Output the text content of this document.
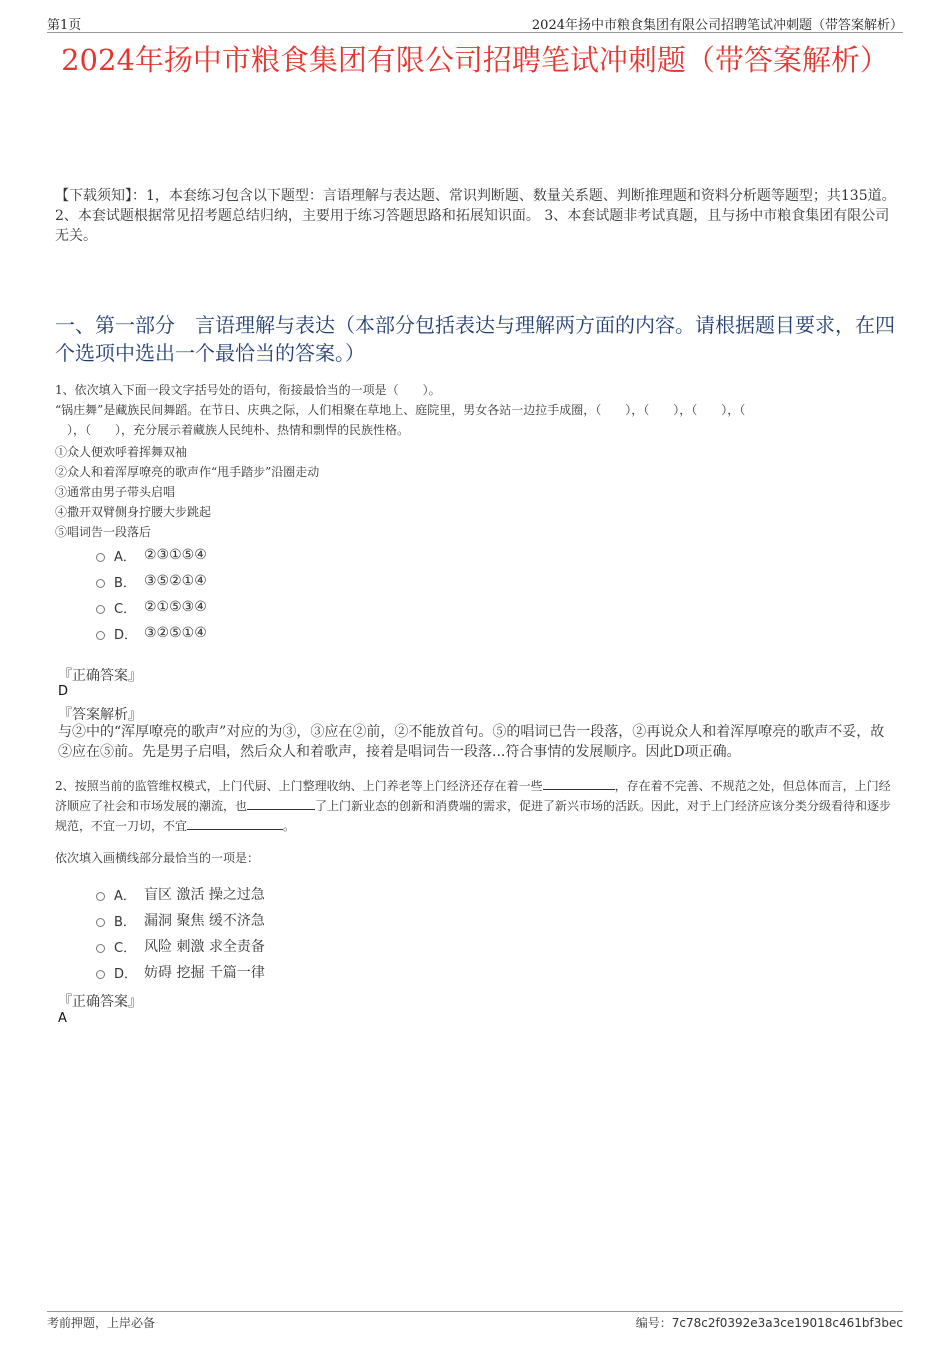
第1页	2024年扬中市粮食集团有限公司招聘笔试冲刺题（带答案解析）
2024年扬中市粮食集团有限公司招聘笔试冲刺题（带答案解析）
【下载须知】：1，本套练习包含以下题型：言语理解与表达题、常识判断题、数量关系题、判断推理题和资料分析题等题型；共135道。 2、本套试题根据常见招考题总结归纳，主要用于练习答题思路和拓展知识面。 3、本套试题非考试真题，且与扬中市粮食集团有限公司无关。
一、第一部分　言语理解与表达（本部分包括表达与理解两方面的内容。请根据题目要求，在四个选项中选出一个最恰当的答案。）
1、依次填入下面一段文字括号处的语句，衔接最恰当的一项是（　　）。
“锅庄舞”是藏族民间舞蹈。在节日、庆典之际，人们相聚在草地上、庭院里，男女各站一边拉手成圈，（　　），（　　），（　　），（
　），（　　），充分展示着藏族人民纯朴、热情和剽悍的民族性格。
①众人便欢呼着挥舞双袖
②众人和着浑厚嘹亮的歌声作“甩手踏步”沿圈走动
③通常由男子带头启唱
④撒开双臂侧身拧腰大步跳起
⑤唱词告一段落后
A． ②③①⑤④
B． ③⑤②①④
C． ②①⑤③④
D． ③②⑤①④
『正确答案』
D
『答案解析』
与②中的“浑厚嘹亮的歌声”对应的为③，③应在②前，②不能放首句。⑤的唱词已告一段落，②再说众人和着浑厚嘹亮的歌声不妥，故②应在⑤前。先是男子启唱，然后众人和着歌声，接着是唱词告一段落...符合事情的发展顺序。因此D项正确。
2、按照当前的监管维权模式，上门代厨、上门整理收纳、上门养老等上门经济还存在着一些	，存在着不完善、不规范之处，但总体而言，上门经济顺应了社会和市场发展的潮流，也	了上门新业态的创新和消费端的需求，促进了新兴市场的活跃。因此，对于上门经济应该分类分级看待和逐步规范，不宜一刀切，不宜	。
依次填入画横线部分最恰当的一项是：
A． 盲区 激活 操之过急
B． 漏洞 聚焦 缓不济急
C． 风险 刺激 求全责备
D． 妨碍 挖掘 千篇一律
『正确答案』
A
考前押题，上岸必备	编号：7c78c2f0392e3a3ce19018c461bf3bec
